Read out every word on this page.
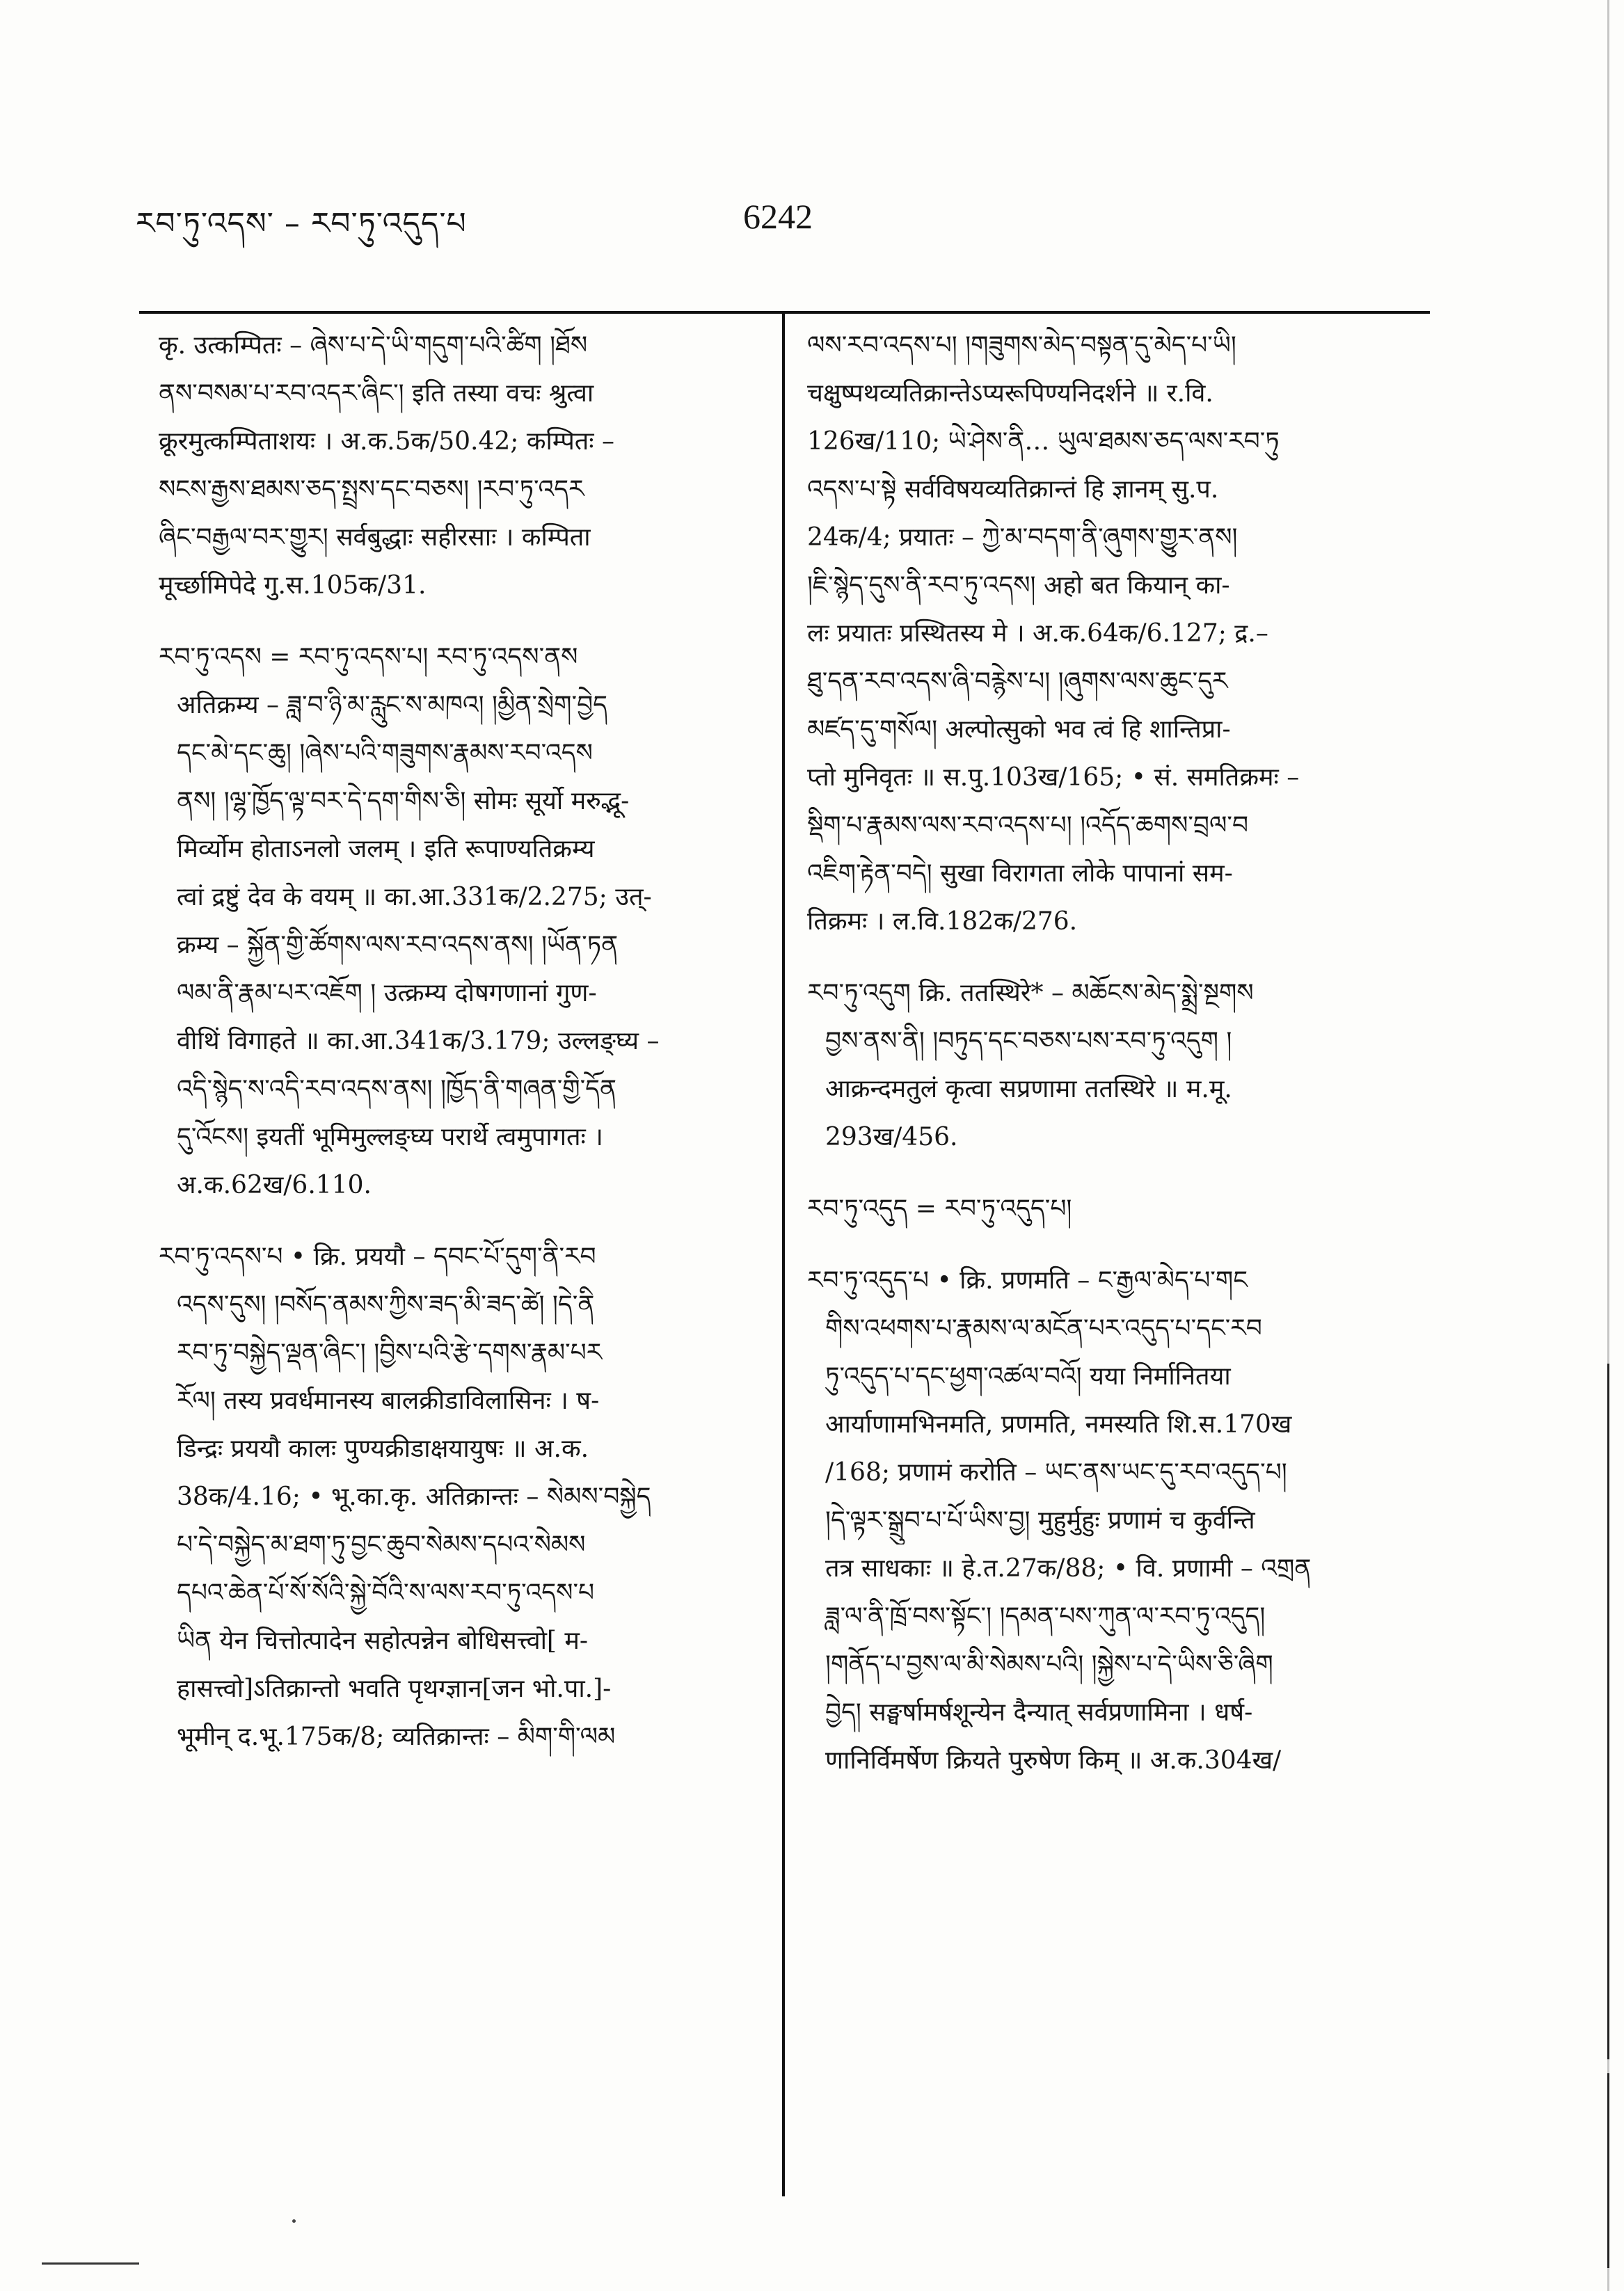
རབ་ཏུ་འདས་ – རབ་ཏུ་འདུད་པ	6242

कृ. उत्कम्पितः – ཞེས་པ་དེ་ཡི་གདུག་པའི་ཚིག །ཐོས

ནས་བསམ་པ་རབ་འདར་ཞིང༌། इति तस्या वचः श्रुत्वा

क्रूरमुत्कम्पिताशयः । अ.क.5क/50.42; कम्पितः –

སངས་རྒྱས་ཐམས་ཅད་སྤྲས་དང་བཅས། །རབ་ཏུ་འདར

ཞིང་བརྒྱལ་བར་གྱུར། सर्वबुद्धाः सहीरसाः । कम्पिता

मूर्च्छामिपेदे गु.स.105क/31.

རབ་ཏུ་འདས = རབ་ཏུ་འདས་པ། རབ་ཏུ་འདས་ནས

अतिक्रम्य – ཟླ་བ་ཉི་མ་རླུང་ས་མཁའ། །མྱིན་སྲེག་བྱེད

དང་མེ་དང་ཆུ། །ཞེས་པའི་གཟུགས་རྣམས་རབ་འདས

ནས། །ལྷ་ཁྱོད་ལྟ་བར་དེ་དག་གིས་ཅི། सोमः सूर्यो मरुद्भू-

मिर्व्योम होताऽनलो जलम् । इति रूपाण्यतिक्रम्य

त्वां द्रष्टुं देव के वयम् ॥ का.आ.331क/2.275; उत्-

क्रम्य – སྐྱོན་གྱི་ཚོགས་ལས་རབ་འདས་ནས། །ཡོན་ཏན

ལམ་ནི་རྣམ་པར་འཇོག ། उत्क्रम्य दोषगणानां गुण-

वीथिं विगाहते ॥ का.आ.341क/3.179; उल्लङ्घ्य –

འདི་སྙེད་ས་འདི་རབ་འདས་ནས། །ཁྱོད་ནི་གཞན་གྱི་དོན

དུ་འོངས། इयतीं भूमिमुल्लङ्घ्य परार्थे त्वमुपागतः ।

अ.क.62ख/6.110.

རབ་ཏུ་འདས་པ • क्रि. प्रययौ – དབང་པོ་དུག་ནི་རབ

འདས་དུས། །བསོད་ནམས་ཀྱིས་ཟད་མི་ཟད་ཚེ། །དེ་ནི

རབ་ཏུ་བསྐྱེད་ལྡན་ཞིང་། །བྱིས་པའི་རྩེ་དགས་རྣམ་པར

རོལ། तस्य प्रवर्धमानस्य बालक्रीडाविलासिनः । ष-

डिन्द्रः प्रययौ कालः पुण्यक्रीडाक्षयायुषः ॥ अ.क.

38क/4.16; • भू.का.कृ. अतिक्रान्तः – སེམས་བསྐྱེད

པ་དེ་བསྐྱེད་མ་ཐག་ཏུ་བྱང་ཆུབ་སེམས་དཔའ་སེམས

དཔའ་ཆེན་པོ་སོ་སོའི་སྐྱེ་བོའི་ས་ལས་རབ་ཏུ་འདས་པ

ཡིན येन चित्तोत्पादेन सहोत्पन्नेन बोधिसत्त्वो[ म-

हासत्त्वो]ऽतिक्रान्तो भवति पृथग्ज्ञान[जन भो.पा.]-

भूमीन् द.भू.175क/8; व्यतिक्रान्तः – མིག་གི་ལམ

ལས་རབ་འདས་པ། །གཟུགས་མེད་བསྟན་དུ་མེད་པ་ཡི།

चक्षुष्पथव्यतिक्रान्तेऽप्यरूपिण्यनिदर्शने ॥ र.वि.

126ख/110; ཡེ་ཤེས་ནི… ཡུལ་ཐམས་ཅད་ལས་རབ་ཏུ

འདས་པ་སྟེ सर्वविषयव्यतिक्रान्तं हि ज्ञानम् सु.प.

24क/4; प्रयातः – ཀྱེ་མ་བདག་ནི་ཞུགས་གྱུར་ནས།

།ཇི་སྙེད་དུས་ནི་རབ་ཏུ་འདས། अहो बत कियान् का-

लः प्रयातः प्रस्थितस्य मे । अ.क.64क/6.127; द्र.–

ཐུ་དན་རབ་འདས་ཞི་བརྙེས་པ། །ཞུགས་ལས་ཆུང་དུར

མཛད་དུ་གསོལ། अल्पोत्सुको भव त्वं हि शान्तिप्रा-

प्तो मुनिवृतः ॥ स.पु.103ख/165; • सं. समतिक्रमः –

སྡིག་པ་རྣམས་ལས་རབ་འདས་པ། །འདོད་ཆགས་བྲལ་བ

འཇིག་རྟེན་བདེ། सुखा विरागता लोके पापानां सम-

तिक्रमः । ल.वि.182क/276.

རབ་ཏུ་འདུག क्रि. ततस्थिरे* – མཆོངས་མེད་སྨྲེ་སྔགས

བྱས་ནས་ནི། །བཏུད་དང་བཅས་པས་རབ་ཏུ་འདུག །

आक्रन्दमतुलं कृत्वा सप्रणामा ततस्थिरे ॥ म.मू.

293ख/456.

རབ་ཏུ་འདུད = རབ་ཏུ་འདུད་པ།

རབ་ཏུ་འདུད་པ • क्रि. प्रणमति – ང་རྒྱལ་མེད་པ་གང

གིས་འཕགས་པ་རྣམས་ལ་མངོན་པར་འདུད་པ་དང་རབ

ཏུ་འདུད་པ་དང་ཕྱག་འཚལ་བའོ། यया निर्मानितया

आर्याणामभिनमति, प्रणमति, नमस्यति शि.स.170ख

/168; प्रणामं करोति – ཡང་ནས་ཡང་དུ་རབ་འདུད་པ།

།དེ་ལྟར་སྒྲུབ་པ་པོ་ཡིས་བྱ། मुहुर्मुहुः प्रणामं च कुर्वन्ति

तत्र साधकाः ॥ हे.त.27क/88; • वि. प्रणामी – འགྲན

ཟླ་ལ་ནི་ཁྲོ་བས་སྟོང་། །དམན་པས་ཀུན་ལ་རབ་ཏུ་འདུད།

།གནོད་པ་བྱས་ལ་མི་སེམས་པའི། །སྐྱེས་པ་དེ་ཡིས་ཅི་ཞིག

བྱེད། सङ्घर्षामर्षशून्येन दैन्यात् सर्वप्रणामिना । धर्ष-

णानिर्विमर्षेण क्रियते पुरुषेण किम् ॥ अ.क.304ख/
